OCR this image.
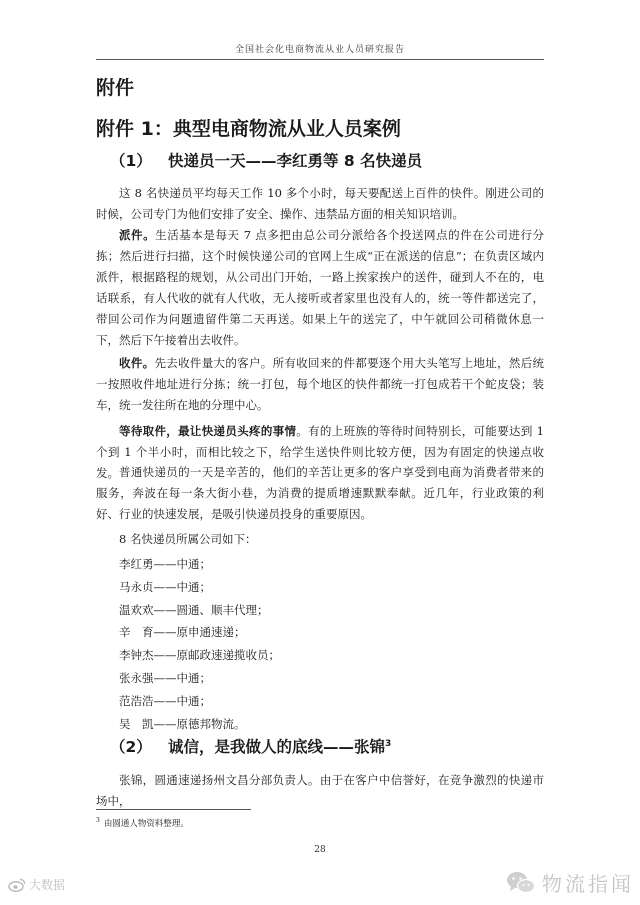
全国社会化电商物流从业人员研究报告
附件
附件 1：典型电商物流从业人员案例
（1） 快递员一天——李红勇等 8 名快递员

这 8 名快递员平均每天工作 10 多个小时，每天要配送上百件的快件。刚进公司的时候，公司专门为他们安排了安全、操作、违禁品方面的相关知识培训。

派件。生活基本是每天 7 点多把由总公司分派给各个投送网点的件在公司进行分拣；然后进行扫描，这个时候快递公司的官网上生成“正在派送的信息”；在负责区域内派件，根据路程的规划，从公司出门开始，一路上挨家挨户的送件，碰到人不在的，电话联系，有人代收的就有人代收，无人接听或者家里也没有人的，统一等件都送完了，带回公司作为问题遗留件第二天再送。如果上午的送完了，中午就回公司稍微休息一下，然后下午接着出去收件。

收件。先去收件量大的客户。所有收回来的件都要逐个用大头笔写上地址，然后统一按照收件地址进行分拣；统一打包，每个地区的快件都统一打包成若干个蛇皮袋；装车，统一发往所在地的分理中心。

等待取件，最让快递员头疼的事情。有的上班族的等待时间特别长，可能要达到 1 个到 1 个半小时，而相比较之下，给学生送快件则比较方便，因为有固定的快递点收发。 普通快递员的一天是辛苦的，他们的辛苦让更多的客户享受到电商为消费者带来的服务，奔波在每一条大街小巷，为消费的提质增速默默奉献。近几年，行业政策的利好、行业的快速发展，是吸引快递员投身的重要原因。

8 名快递员所属公司如下：

李红勇——中通；
马永贞——中通；
温欢欢——圆通、顺丰代理；
辛　育——原申通速递；
李钟杰——原邮政速递揽收员；
张永强——中通；
范浩浩——中通；
吴　凯——原德邦物流。
（2） 诚信，是我做人的底线——张锦$^3$

张锦，圆通速递扬州文昌分部负责人。由于在客户中信誉好，在竞争激烈的快递市场中，

$^3$ 由圆通人物资料整理。
28
大数据	物流指闻
